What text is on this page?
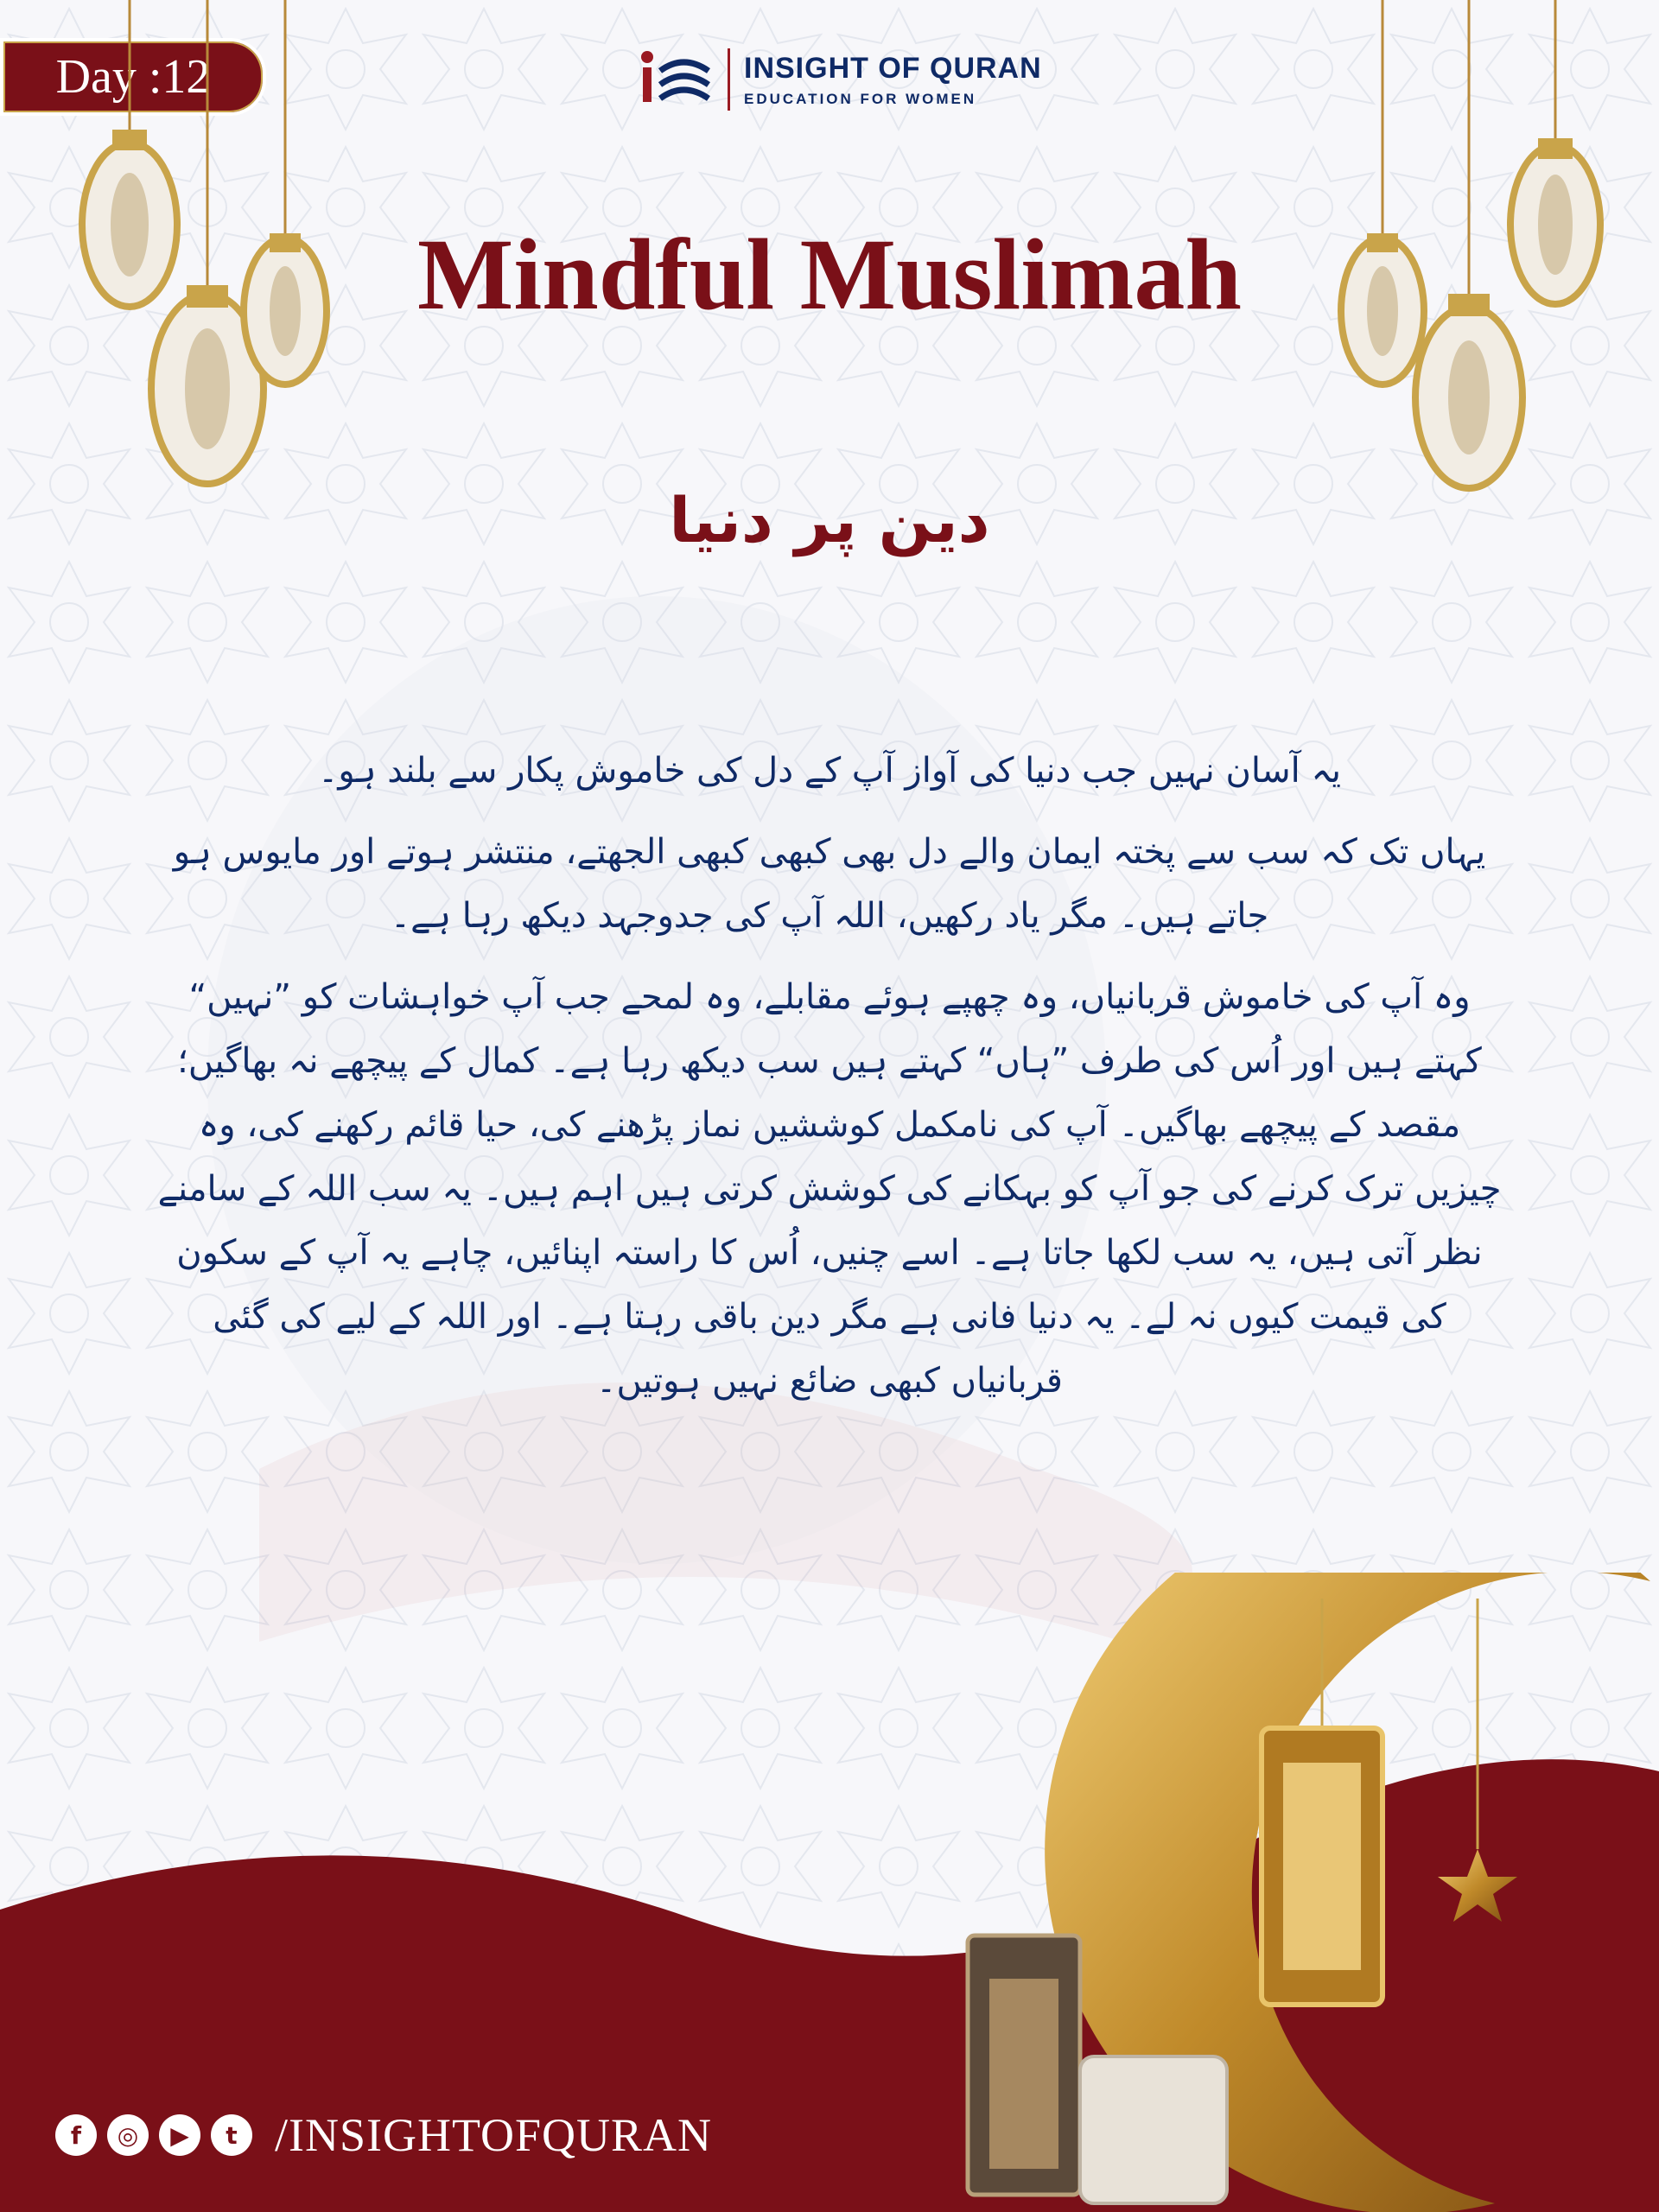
Day :12	INSIGHT OF QURAN
EDUCATION FOR WOMEN
Mindful Muslimah
دین پر دنیا

یہ آسان نہیں جب دنیا کی آواز آپ کے دل کی خاموش پکار سے بلند ہو۔

یہاں تک کہ سب سے پختہ ایمان والے دل بھی کبھی کبھی الجھتے، منتشر ہوتے اور مایوس ہو جاتے ہیں۔ مگر یاد رکھیں، اللہ آپ کی جدوجہد دیکھ رہا ہے۔

وہ آپ کی خاموش قربانیاں، وہ چھپے ہوئے مقابلے، وہ لمحے جب آپ خواہشات کو ”نہیں“ کہتے ہیں اور اُس کی طرف ”ہاں“ کہتے ہیں سب دیکھ رہا ہے۔ کمال کے پیچھے نہ بھاگیں؛ مقصد کے پیچھے بھاگیں۔ آپ کی نامکمل کوششیں نماز پڑھنے کی، حیا قائم رکھنے کی، وہ چیزیں ترک کرنے کی جو آپ کو بہکانے کی کوشش کرتی ہیں اہم ہیں۔ یہ سب اللہ کے سامنے نظر آتی ہیں، یہ سب لکھا جاتا ہے۔ اسے چنیں، اُس کا راستہ اپنائیں، چاہے یہ آپ کے سکون کی قیمت کیوں نہ لے۔ یہ دنیا فانی ہے مگر دین باقی رہتا ہے۔ اور اللہ کے لیے کی گئی قربانیاں کبھی ضائع نہیں ہوتیں۔

f	◎	▶	t /INSIGHTOFQURAN
